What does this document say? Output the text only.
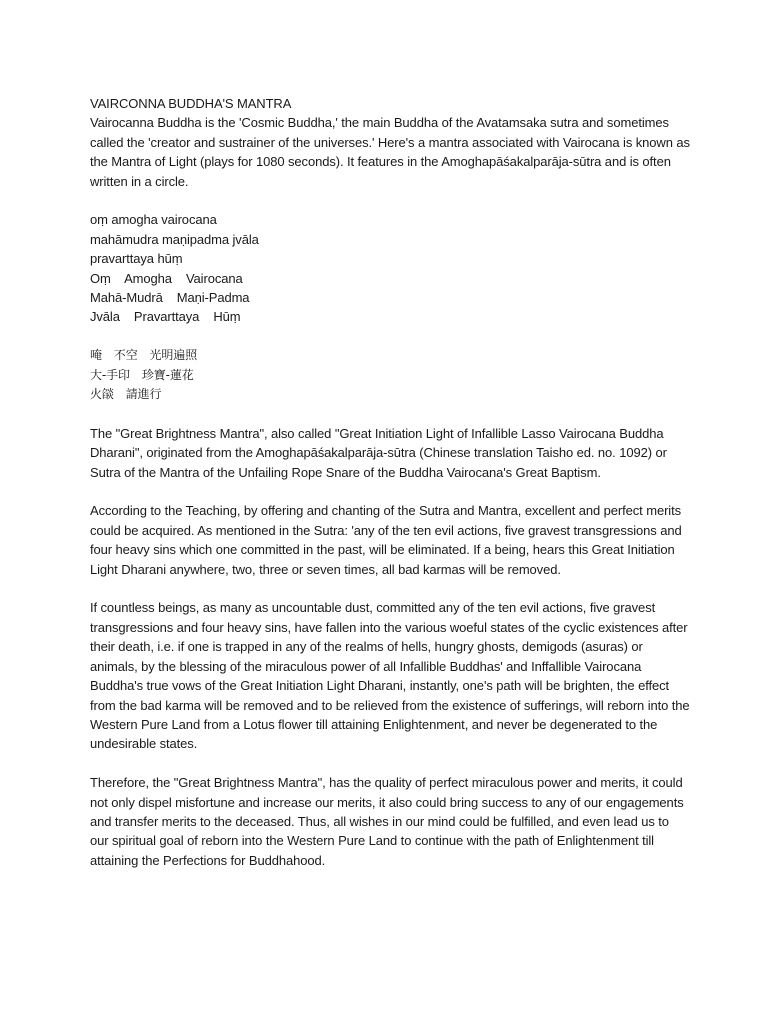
VAIRCONNA BUDDHA'S MANTRA

Vairocanna Buddha is the 'Cosmic Buddha,' the main Buddha of the Avatamsaka sutra and sometimes called the 'creator and sustrainer of the universes.' Here's a mantra associated with Vairocana is known as the Mantra of Light (plays for 1080 seconds). It features in the Amoghapāśakalparāja-sūtra and is often written in a circle.

oṃ amogha vairocana
mahāmudra maṇipadma jvāla
pravarttaya hūṃ
Oṃ    Amogha    Vairocana
Mahā-Mudrā    Maṇi-Padma
Jvāla    Pravarttaya    Hūṃ
唵　不空　光明遍照
大-手印　珍寶-蓮花
火燄　請進行

The "Great Brightness Mantra", also called "Great Initiation Light of Infallible Lasso Vairocana Buddha Dharani", originated from the Amoghapāśakalparāja-sūtra (Chinese translation Taisho ed. no. 1092) or Sutra of the Mantra of the Unfailing Rope Snare of the Buddha Vairocana's Great Baptism.

According to the Teaching, by offering and chanting of the Sutra and Mantra, excellent and perfect merits could be acquired. As mentioned in the Sutra: 'any of the ten evil actions, five gravest transgressions and four heavy sins which one committed in the past, will be eliminated. If a being, hears this Great Initiation Light Dharani anywhere, two, three or seven times, all bad karmas will be removed.

If countless beings, as many as uncountable dust, committed any of the ten evil actions, five gravest transgressions and four heavy sins, have fallen into the various woeful states of the cyclic existences after their death, i.e. if one is trapped in any of the realms of hells, hungry ghosts, demigods (asuras) or animals, by the blessing of the miraculous power of all Infallible Buddhas' and Inffallible Vairocana Buddha's true vows of the Great Initiation Light Dharani, instantly, one's path will be brighten, the effect from the bad karma will be removed and to be relieved from the existence of sufferings, will reborn into the Western Pure Land from a Lotus flower till attaining Enlightenment, and never be degenerated to the undesirable states.

Therefore, the "Great Brightness Mantra", has the quality of perfect miraculous power and merits, it could not only dispel misfortune and increase our merits, it also could bring success to any of our engagements and transfer merits to the deceased. Thus, all wishes in our mind could be fulfilled, and even lead us to our spiritual goal of reborn into the Western Pure Land to continue with the path of Enlightenment till attaining the Perfections for Buddhahood.
